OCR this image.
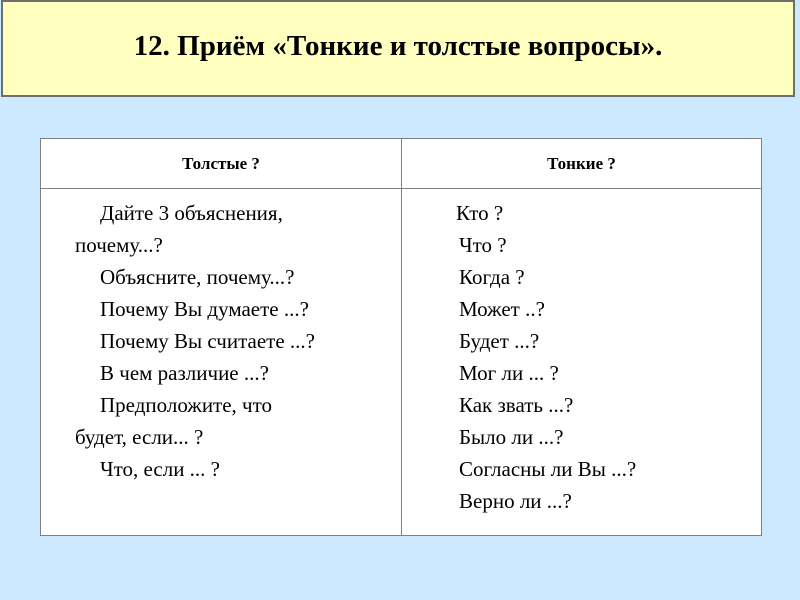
12. Приём «Тонкие и толстые вопросы».
Толстые ?	Тонкие ?
Дайте 3 объяснения,
почему...?
Объясните, почему...?
Почему Вы думаете ...?
Почему Вы считаете ...?
В чем различие ...?
Предположите, что
будет, если... ?
Что, если ... ?
Кто ?
Что ?
Когда ?
Может ..?
Будет ...?
Мог ли ... ?
Как звать ...?
Было ли ...?
Согласны ли Вы ...?
Верно ли ...?
